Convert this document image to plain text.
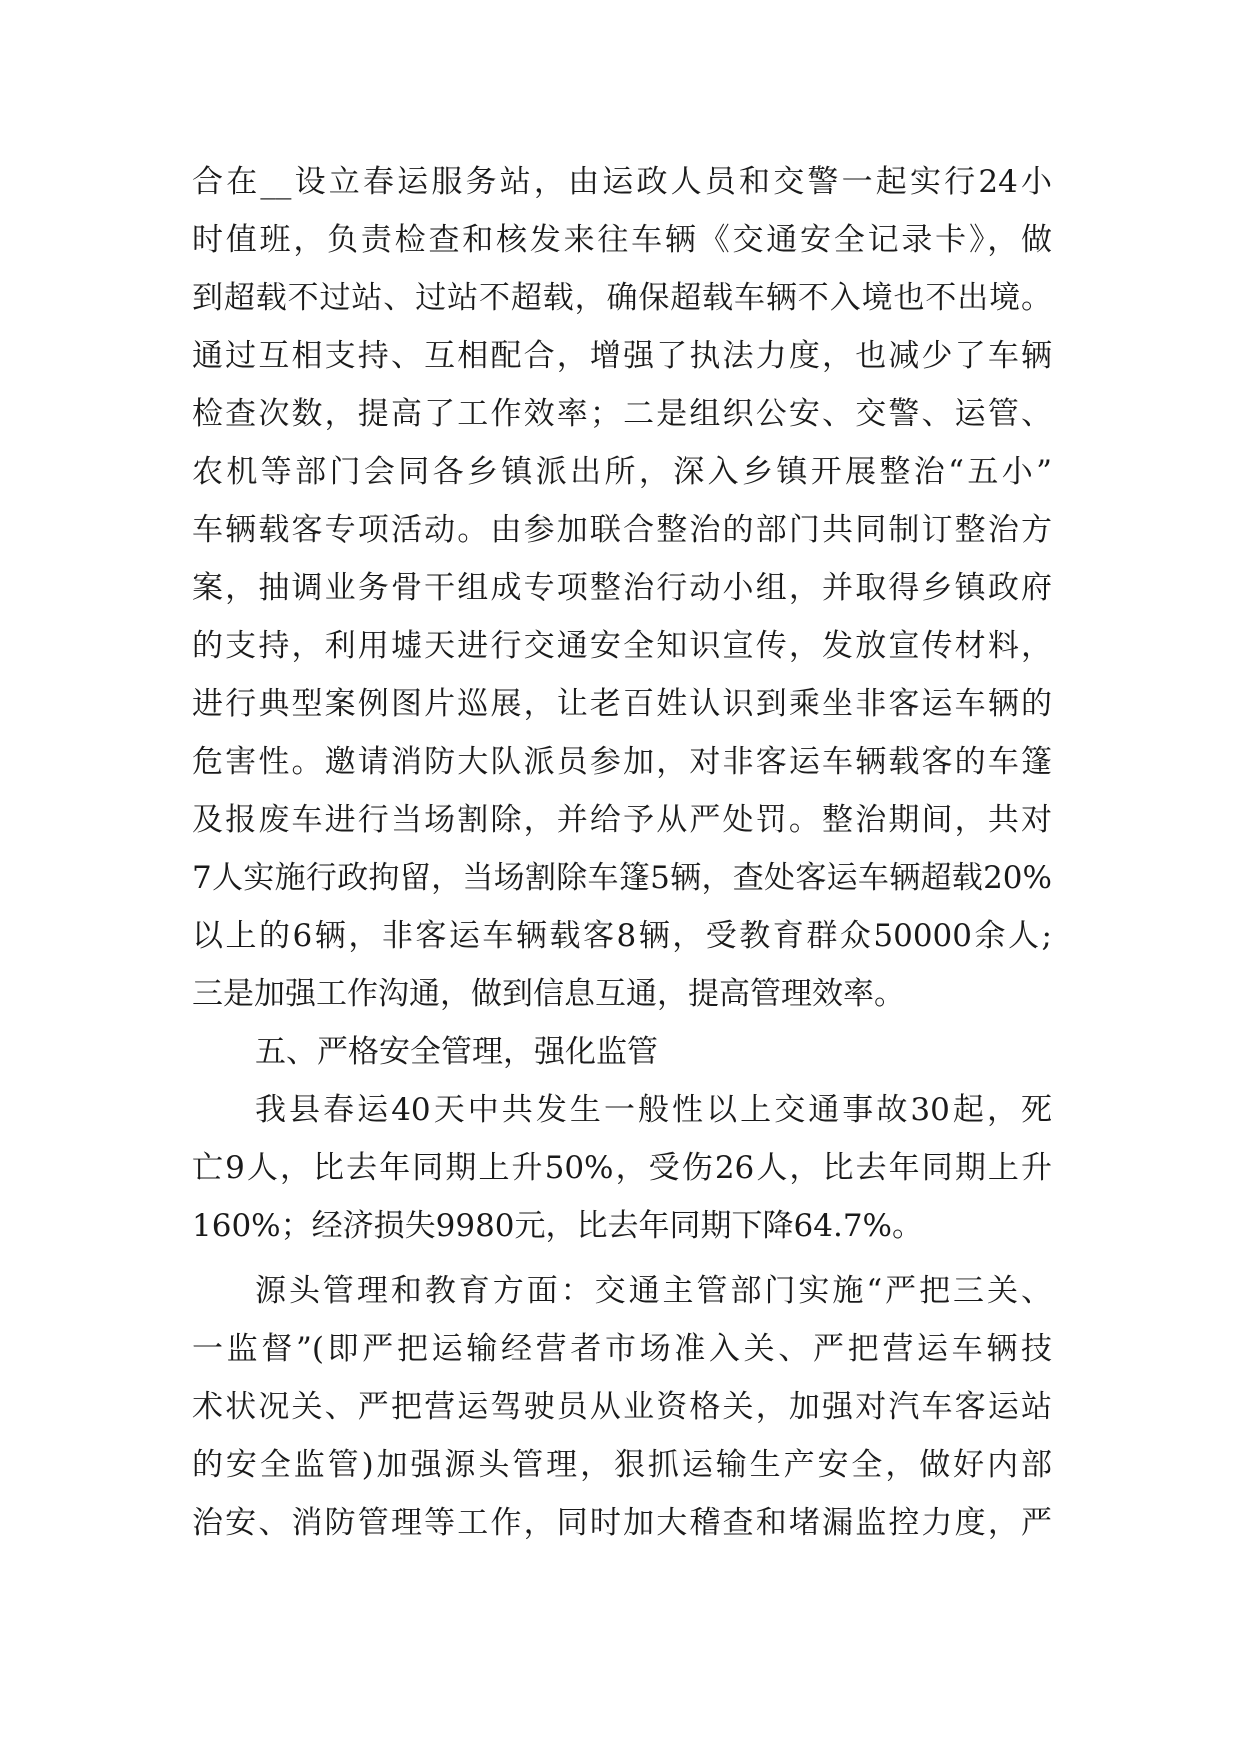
合在__设立春运服务站，由运政人员和交警一起实行24小
时值班，负责检查和核发来往车辆《交通安全记录卡》，做
到超载不过站、过站不超载，确保超载车辆不入境也不出境。
通过互相支持、互相配合，增强了执法力度，也减少了车辆
检查次数，提高了工作效率；二是组织公安、交警、运管、
农机等部门会同各乡镇派出所，深入乡镇开展整治“五小”
车辆载客专项活动。由参加联合整治的部门共同制订整治方
案，抽调业务骨干组成专项整治行动小组，并取得乡镇政府
的支持，利用墟天进行交通安全知识宣传，发放宣传材料，
进行典型案例图片巡展，让老百姓认识到乘坐非客运车辆的
危害性。邀请消防大队派员参加，对非客运车辆载客的车篷
及报废车进行当场割除，并给予从严处罚。整治期间，共对
7人实施行政拘留，当场割除车篷5辆，查处客运车辆超载20%
以上的6辆，非客运车辆载客8辆，受教育群众50000余人;
三是加强工作沟通，做到信息互通，提高管理效率。
五、严格安全管理，强化监管
我县春运40天中共发生一般性以上交通事故30起，死
亡9人，比去年同期上升50%，受伤26人，比去年同期上升
160%；经济损失9980元，比去年同期下降64.7%。
源头管理和教育方面：交通主管部门实施“严把三关、
一监督”(即严把运输经营者市场准入关、严把营运车辆技
术状况关、严把营运驾驶员从业资格关，加强对汽车客运站
的安全监管)加强源头管理，狠抓运输生产安全，做好内部
治安、消防管理等工作，同时加大稽查和堵漏监控力度，严
